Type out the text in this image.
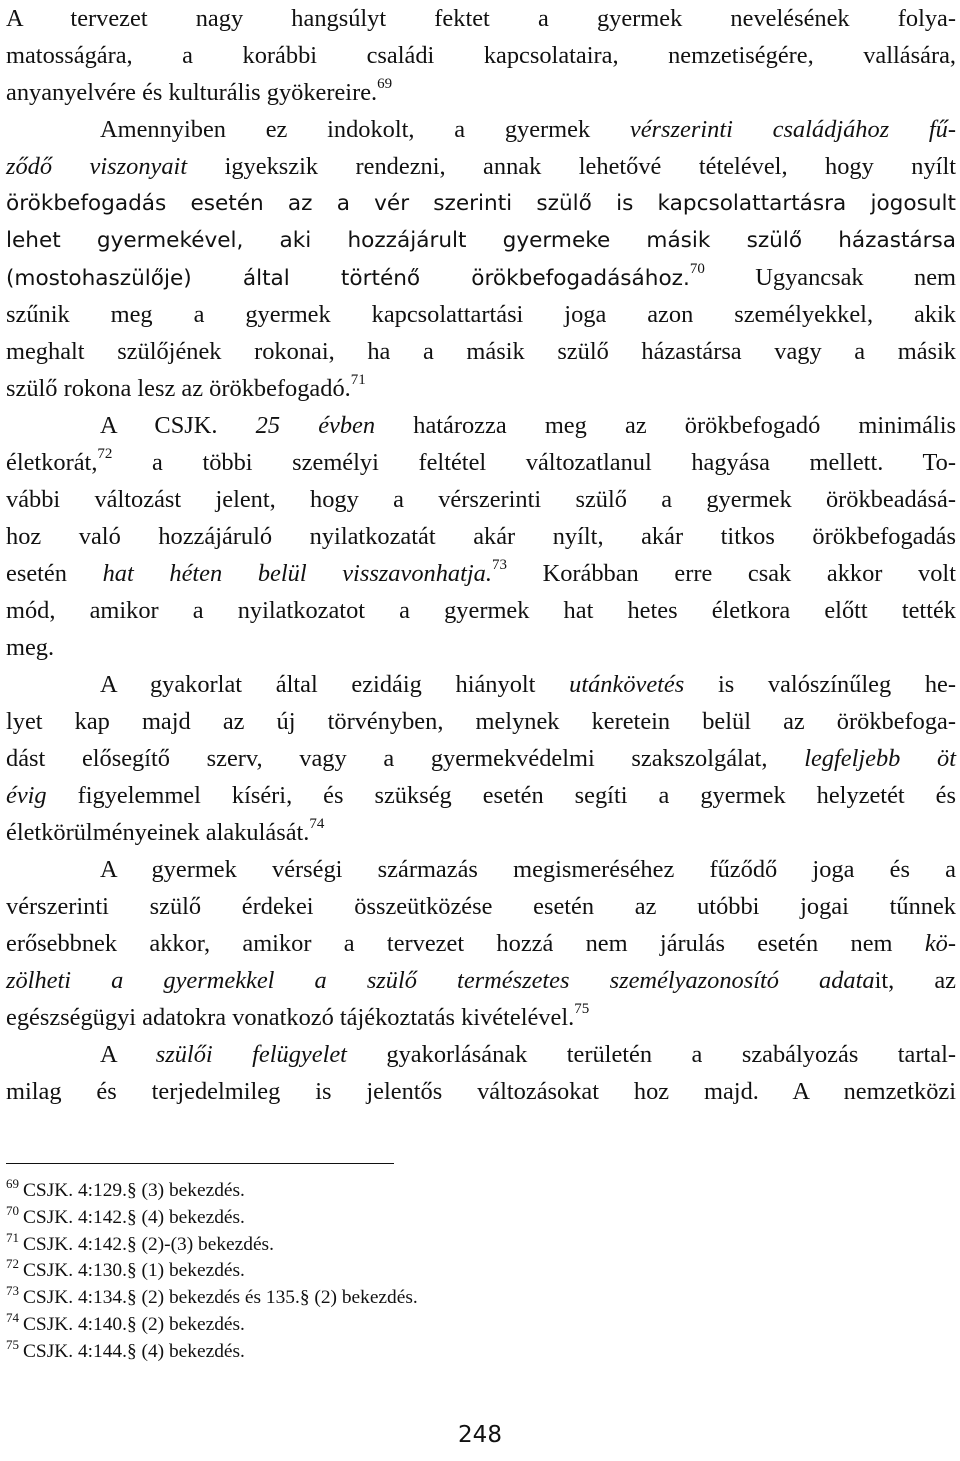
A tervezet nagy hangsúlyt fektet a gyermek nevelésének folya-
matosságára, a korábbi családi kapcsolataira, nemzetiségére, vallására,
anyanyelvére és kulturális gyökereire.$^{69}$
Amennyiben ez indokolt, a gyermek vérszerinti családjához fű-
ződő viszonyait igyekszik rendezni, annak lehetővé tételével, hogy nyílt
örökbefogadás esetén az a vér szerinti szülő is kapcsolattartásra jogosult
lehet gyermekével, aki hozzájárult gyermeke másik szülő házastársa
(mostohaszülője) által történő örökbefogadásához.$^{70}$ Ugyancsak nem
szűnik meg a gyermek kapcsolattartási joga azon személyekkel, akik
meghalt szülőjének rokonai, ha a másik szülő házastársa vagy a másik
szülő rokona lesz az örökbefogadó.$^{71}$
A CSJK. 25 évben határozza meg az örökbefogadó minimális
életkorát,$^{72}$ a többi személyi feltétel változatlanul hagyása mellett. To-
vábbi változást jelent, hogy a vérszerinti szülő a gyermek örökbeadásá-
hoz való hozzájáruló nyilatkozatát akár nyílt, akár titkos örökbefogadás
esetén hat héten belül visszavonhatja.$^{73}$ Korábban erre csak akkor volt
mód, amikor a nyilatkozatot a gyermek hat hetes életkora előtt tették
meg.
A gyakorlat által ezidáig hiányolt utánkövetés is valószínűleg he-
lyet kap majd az új törvényben, melynek keretein belül az örökbefoga-
dást elősegítő szerv, vagy a gyermekvédelmi szakszolgálat, legfeljebb öt
évig figyelemmel kíséri, és szükség esetén segíti a gyermek helyzetét és
életkörülményeinek alakulását.$^{74}$
A gyermek vérségi származás megismeréséhez fűződő joga és a
vérszerinti szülő érdekei összeütközése esetén az utóbbi jogai tűnnek
erősebbnek akkor, amikor a tervezet hozzá nem járulás esetén nem kö-
zölheti a gyermekkel a szülő természetes személyazonosító adatait, az
egészségügyi adatokra vonatkozó tájékoztatás kivételével.$^{75}$
A szülői felügyelet gyakorlásának területén a szabályozás tartal-
milag és terjedelmileg is jelentős változásokat hoz majd. A nemzetközi
$^{69}$ CSJK. 4:129.§ (3) bekezdés.
$^{70}$ CSJK. 4:142.§ (4) bekezdés.
$^{71}$ CSJK. 4:142.§ (2)-(3) bekezdés.
$^{72}$ CSJK. 4:130.§ (1) bekezdés.
$^{73}$ CSJK. 4:134.§ (2) bekezdés és 135.§ (2) bekezdés.
$^{74}$ CSJK. 4:140.§ (2) bekezdés.
$^{75}$ CSJK. 4:144.§ (4) bekezdés.
248
